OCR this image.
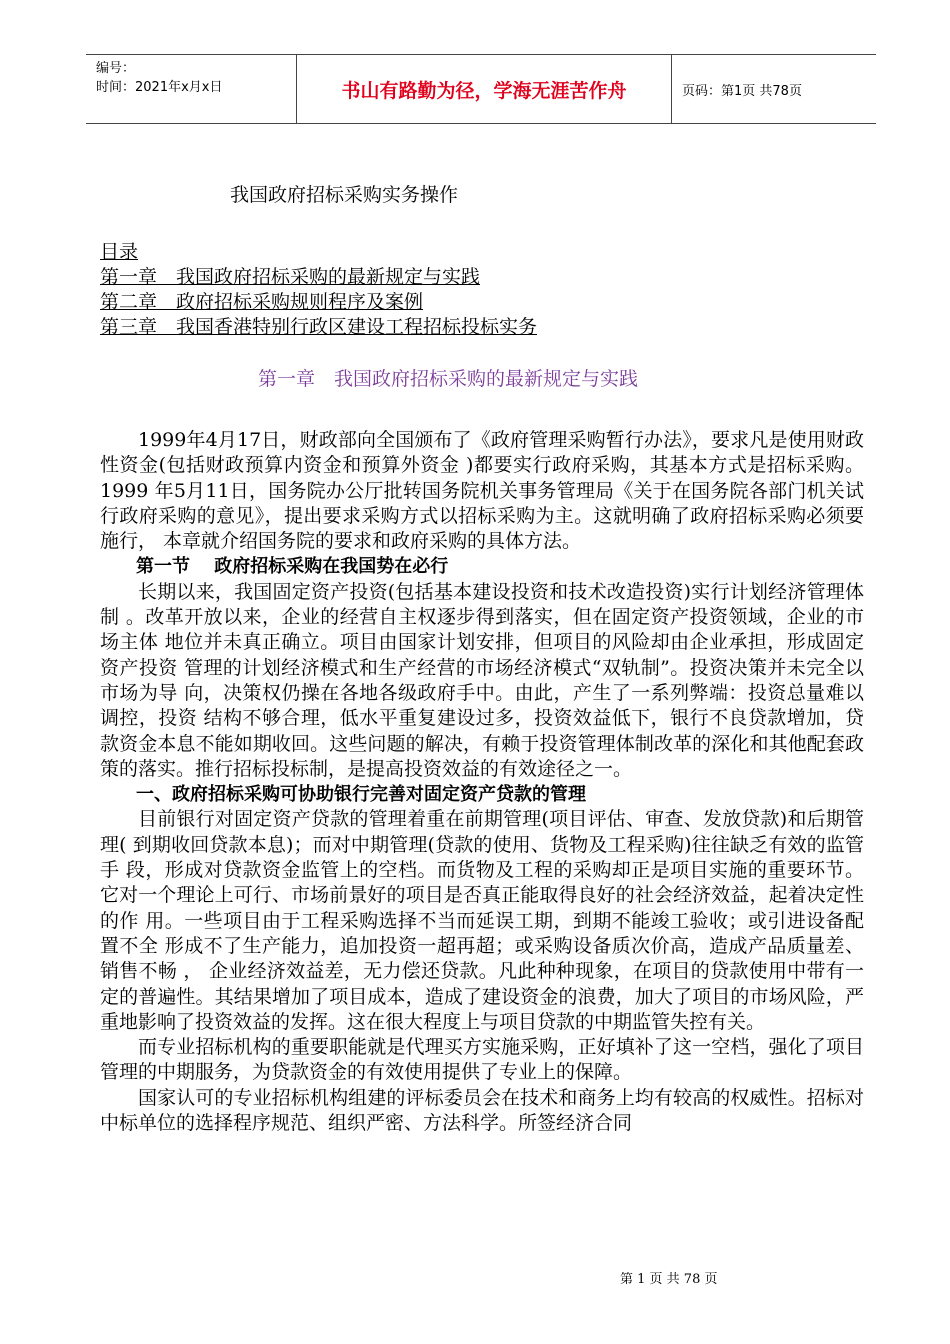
编号：
时间：2021年x月x日	书山有路勤为径，学海无涯苦作舟	页码：第1页 共78页
我国政府招标采购实务操作
目录
第一章　我国政府招标采购的最新规定与实践
第二章　政府招标采购规则程序及案例
第三章　我国香港特别行政区建设工程招标投标实务
第一章　我国政府招标采购的最新规定与实践

1999年4月17日，财政部向全国颁布了《政府管理采购暂行办法》，要求凡是使用财政性资金(包括财政预算内资金和预算外资金 )都要实行政府采购，其基本方式是招标采购。1999 年5月11日，国务院办公厅批转国务院机关事务管理局《关于在国务院各部门机关试行政府采购的意见》，提出要求采购方式以招标采购为主。这就明确了政府招标采购必须要施行， 本章就介绍国务院的要求和政府采购的具体方法。

第一节　 政府招标采购在我国势在必行

长期以来，我国固定资产投资(包括基本建设投资和技术改造投资)实行计划经济管理体制 。改革开放以来，企业的经营自主权逐步得到落实，但在固定资产投资领域，企业的市场主体 地位并未真正确立。项目由国家计划安排，但项目的风险却由企业承担，形成固定资产投资 管理的计划经济模式和生产经营的市场经济模式“双轨制”。投资决策并未完全以市场为导 向，决策权仍操在各地各级政府手中。由此，产生了一系列弊端：投资总量难以调控，投资 结构不够合理，低水平重复建设过多，投资效益低下，银行不良贷款增加，贷款资金本息不能如期收回。这些问题的解决，有赖于投资管理体制改革的深化和其他配套政策的落实。推行招标投标制，是提高投资效益的有效途径之一。

一、政府招标采购可协助银行完善对固定资产贷款的管理

目前银行对固定资产贷款的管理着重在前期管理(项目评估、审查、发放贷款)和后期管理( 到期收回贷款本息)；而对中期管理(贷款的使用、货物及工程采购)往往缺乏有效的监管手 段，形成对贷款资金监管上的空档。而货物及工程的采购却正是项目实施的重要环节。它对一个理论上可行、市场前景好的项目是否真正能取得良好的社会经济效益，起着决定性的作 用。一些项目由于工程采购选择不当而延误工期，到期不能竣工验收；或引进设备配置不全 形成不了生产能力，追加投资一超再超；或采购设备质次价高，造成产品质量差、销售不畅 ， 企业经济效益差，无力偿还贷款。凡此种种现象，在项目的贷款使用中带有一定的普遍性。其结果增加了项目成本，造成了建设资金的浪费，加大了项目的市场风险，严重地影响了投资效益的发挥。这在很大程度上与项目贷款的中期监管失控有关。

而专业招标机构的重要职能就是代理买方实施采购，正好填补了这一空档，强化了项目管理的中期服务，为贷款资金的有效使用提供了专业上的保障。

国家认可的专业招标机构组建的评标委员会在技术和商务上均有较高的权威性。招标对中标单位的选择程序规范、组织严密、方法科学。所签经济合同

第 1 页 共 78 页
